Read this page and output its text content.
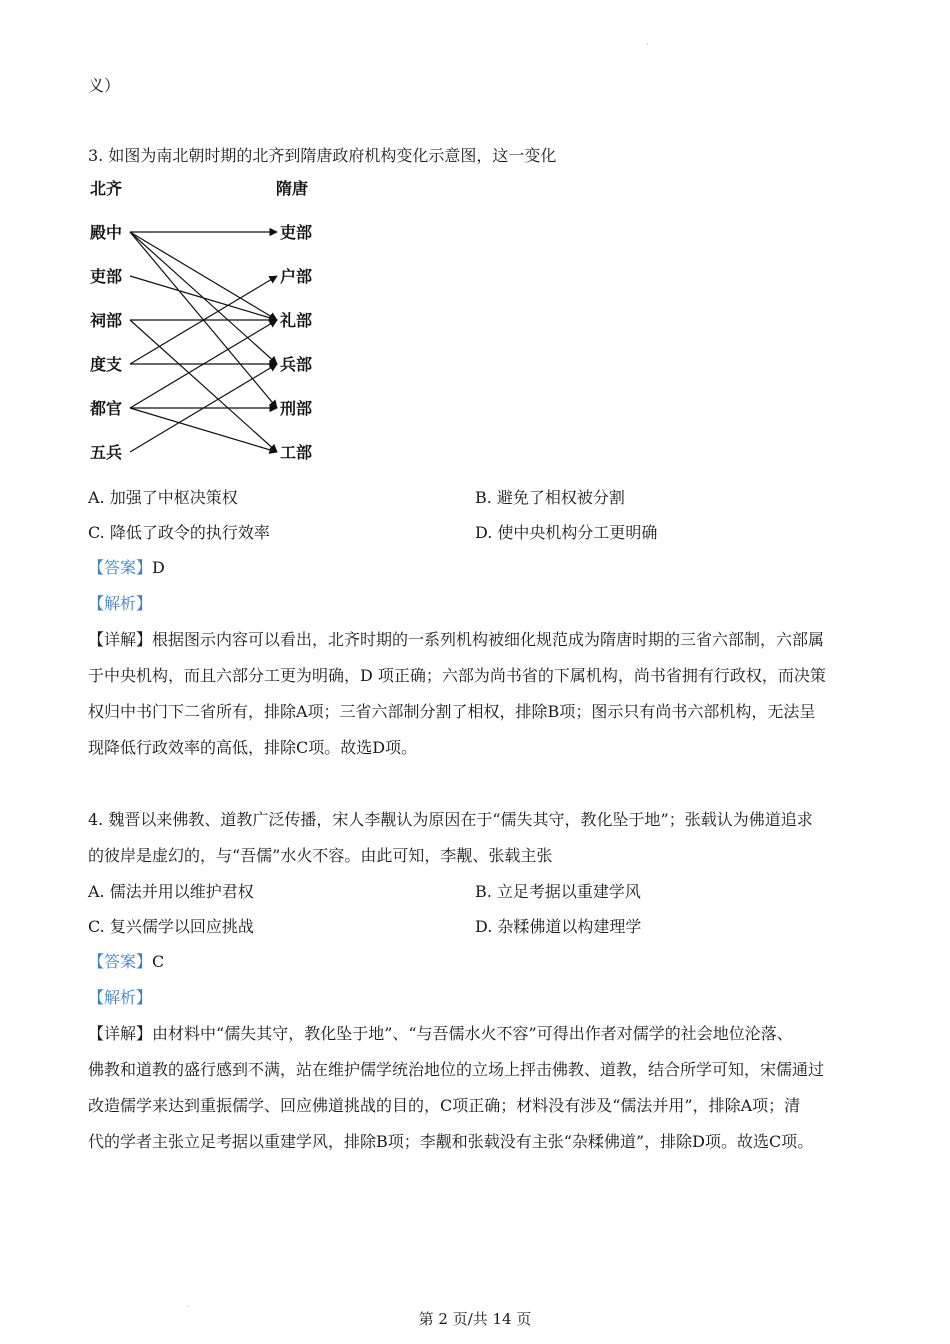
·
·
义）
3. 如图为南北朝时期的北齐到隋唐政府机构变化示意图，这一变化
北齐	隋唐
殿中
吏部
祠部
度支
都官
五兵
吏部
户部
礼部
兵部
刑部
工部
A. 加强了中枢决策权	B. 避免了相权被分割
C. 降低了政令的执行效率	D. 使中央机构分工更明确
【答案】D
【解析】
【详解】根据图示内容可以看出，北齐时期的一系列机构被细化规范成为隋唐时期的三省六部制，六部属
于中央机构，而且六部分工更为明确，D 项正确；六部为尚书省的下属机构，尚书省拥有行政权，而决策
权归中书门下二省所有，排除A项；三省六部制分割了相权，排除B项；图示只有尚书六部机构，无法呈
现降低行政效率的高低，排除C项。故选D项。
4. 魏晋以来佛教、道教广泛传播，宋人李觏认为原因在于“儒失其守，教化坠于地”；张载认为佛道追求
的彼岸是虚幻的，与“吾儒”水火不容。由此可知，李觏、张载主张
A. 儒法并用以维护君权	B. 立足考据以重建学风
C. 复兴儒学以回应挑战	D. 杂糅佛道以构建理学
【答案】C
【解析】
【详解】由材料中“儒失其守，教化坠于地”、“与吾儒水火不容”可得出作者对儒学的社会地位沦落、
佛教和道教的盛行感到不满，站在维护儒学统治地位的立场上抨击佛教、道教，结合所学可知，宋儒通过
改造儒学来达到重振儒学、回应佛道挑战的目的，C项正确；材料没有涉及“儒法并用”，排除A项；清
代的学者主张立足考据以重建学风，排除B项；李觏和张载没有主张“杂糅佛道”，排除D项。故选C项。
第 2 页/共 14 页
